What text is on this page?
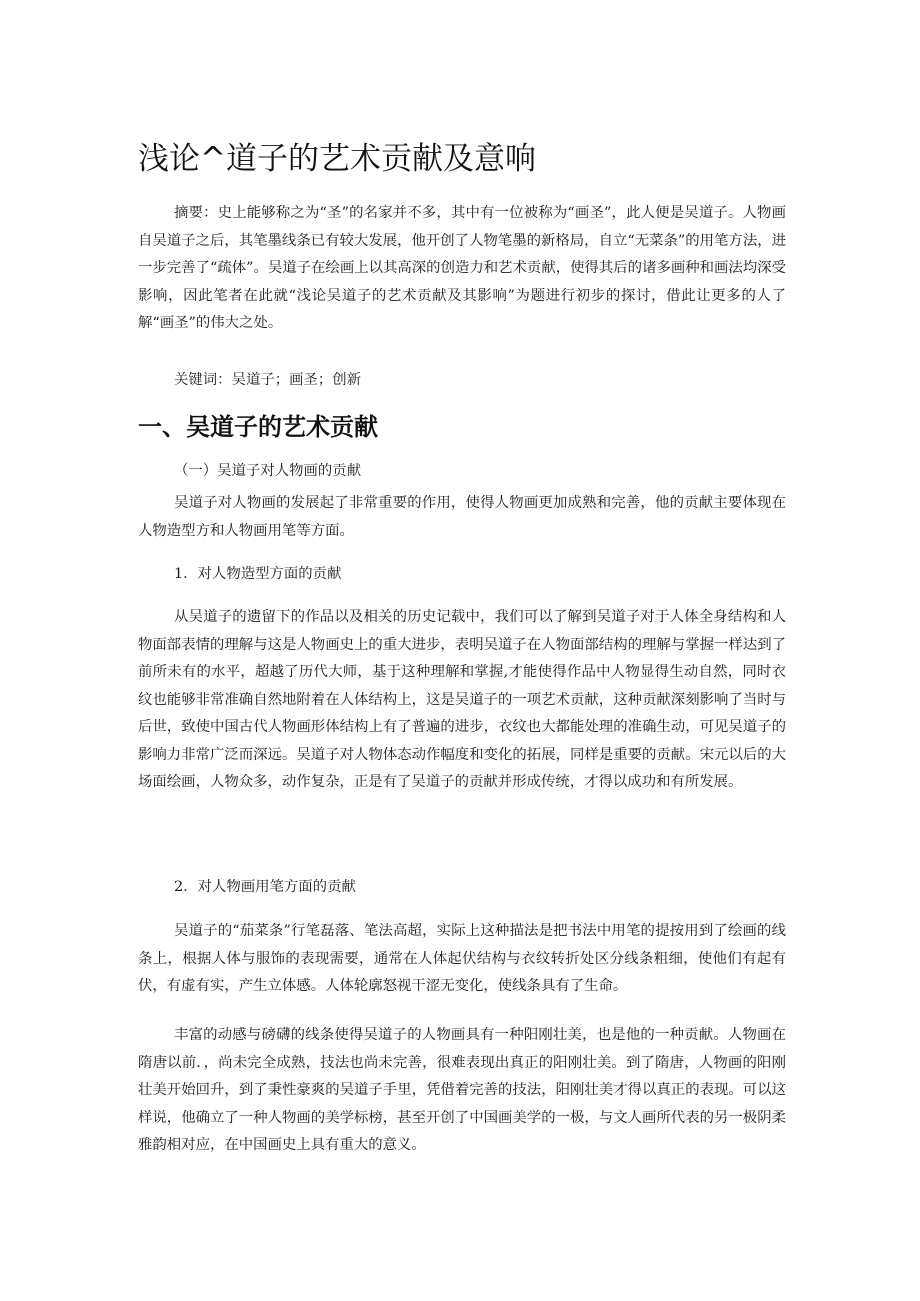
浅论^道子的艺术贡献及意响

摘要：史上能够称之为“圣”的名家并不多，其中有一位被称为“画圣”，此人便是吴道子。人物画自吴道子之后，其笔墨线条已有较大发展，他开创了人物笔墨的新格局，自立“无菜条”的用笔方法，进一步完善了“疏体”。吴道子在绘画上以其高深的创造力和艺术贡献，使得其后的诸多画种和画法均深受影响，因此笔者在此就“浅论吴道子的艺术贡献及其影响”为题进行初步的探讨，借此让更多的人了解“画圣”的伟大之处。

关键词：吴道子；画圣；创新

一、吴道子的艺术贡献

（一）吴道子对人物画的贡献

吴道子对人物画的发展起了非常重要的作用，使得人物画更加成熟和完善，他的贡献主要体现在人物造型方和人物画用笔等方面。

1．对人物造型方面的贡献

从吴道子的遗留下的作品以及相关的历史记载中，我们可以了解到吴道子对于人体全身结构和人物面部表情的理解与这是人物画史上的重大进步，表明吴道子在人物面部结构的理解与掌握一样达到了前所未有的水平，超越了历代大师，基于这种理解和掌握,才能使得作品中人物显得生动自然，同时衣纹也能够非常准确自然地附着在人体结构上，这是吴道子的一项艺术贡献，这种贡献深刻影响了当时与后世，致使中国古代人物画形体结构上有了普遍的进步，衣纹也大都能处理的准确生动，可见吴道子的影响力非常广泛而深远。吴道子对人物体态动作幅度和变化的拓展，同样是重要的贡献。宋元以后的大场面绘画，人物众多，动作复杂，正是有了吴道子的贡献并形成传统，才得以成功和有所发展。

2．对人物画用笔方面的贡献

吴道子的“茄菜条”行笔磊落、笔法高超，实际上这种描法是把书法中用笔的提按用到了绘画的线条上，根据人体与服饰的表现需要，通常在人体起伏结构与衣纹转折处区分线条粗细，使他们有起有伏，有虚有实，产生立体感。人体轮廓怒视干涩无变化，使线条具有了生命。

丰富的动感与磅礴的线条使得吴道子的人物画具有一种阳刚壮美，也是他的一种贡献。人物画在隋唐以前．，尚未完全成熟，技法也尚未完善，很难表现出真正的阳刚壮美。到了隋唐，人物画的阳刚壮美开始回升，到了秉性豪爽的吴道子手里，凭借着完善的技法，阳刚壮美才得以真正的表现。可以这样说，他确立了一种人物画的美学标榜，甚至开创了中国画美学的一极，与文人画所代表的另一极阴柔雅韵相对应，在中国画史上具有重大的意义。
